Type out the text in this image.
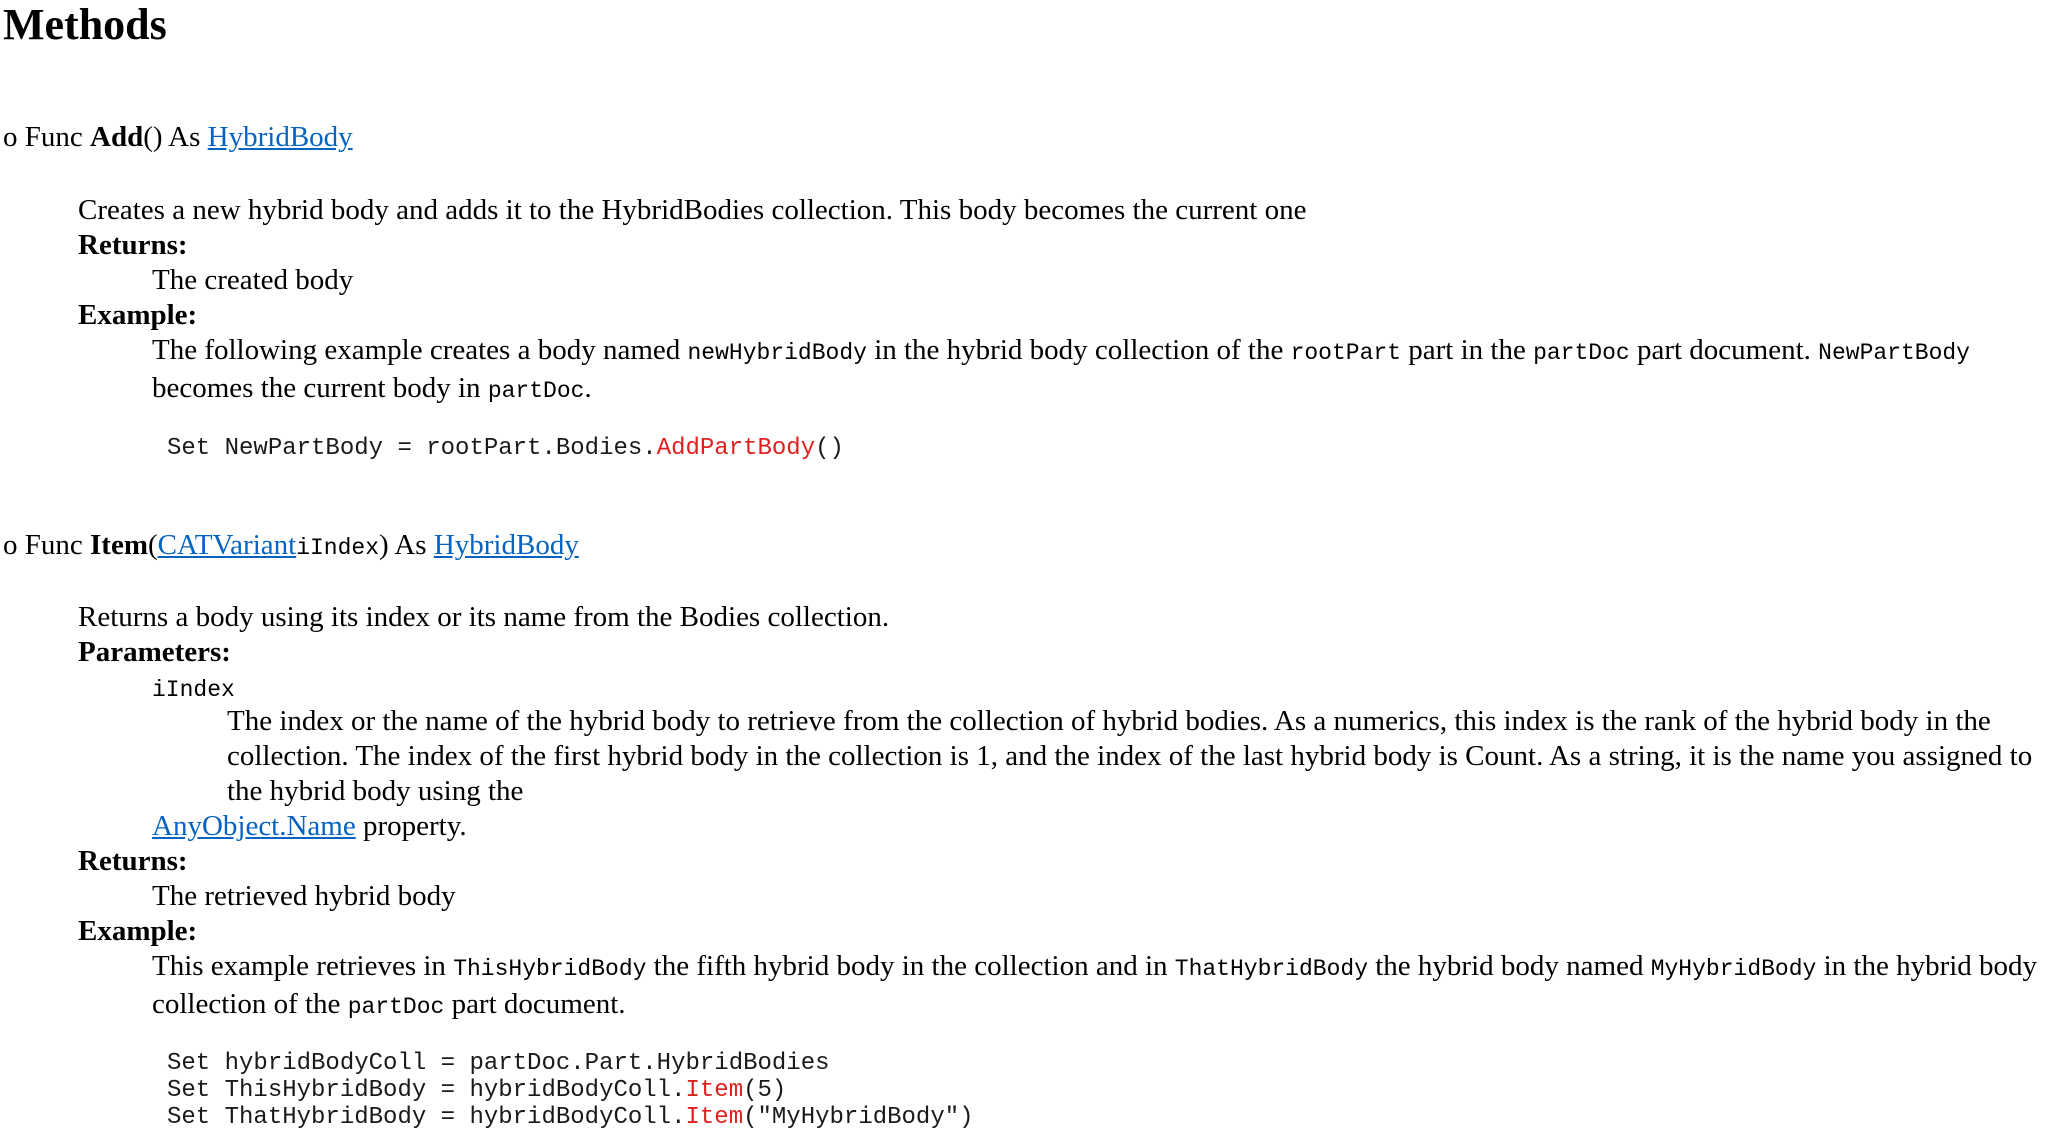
Methods
o Func Add() As HybridBody
Creates a new hybrid body and adds it to the HybridBodies collection. This body becomes the current one
Returns:
The created body
Example:
The following example creates a body named newHybridBody in the hybrid body collection of the rootPart part in the partDoc part document. NewPartBody becomes the current body in partDoc.
Set NewPartBody = rootPart.Bodies.AddPartBody()
o Func Item(CATVariantiIndex) As HybridBody
Returns a body using its index or its name from the Bodies collection.
Parameters:
iIndex
The index or the name of the hybrid body to retrieve from the collection of hybrid bodies. As a numerics, this index is the rank of the hybrid body in the collection. The index of the first hybrid body in the collection is 1, and the index of the last hybrid body is Count. As a string, it is the name you assigned to the hybrid body using the
AnyObject.Name property.
Returns:
The retrieved hybrid body
Example:
This example retrieves in ThisHybridBody the fifth hybrid body in the collection and in ThatHybridBody the hybrid body named MyHybridBody in the hybrid body collection of the partDoc part document.
Set hybridBodyColl = partDoc.Part.HybridBodies
Set ThisHybridBody = hybridBodyColl.Item(5)
Set ThatHybridBody = hybridBodyColl.Item("MyHybridBody")
